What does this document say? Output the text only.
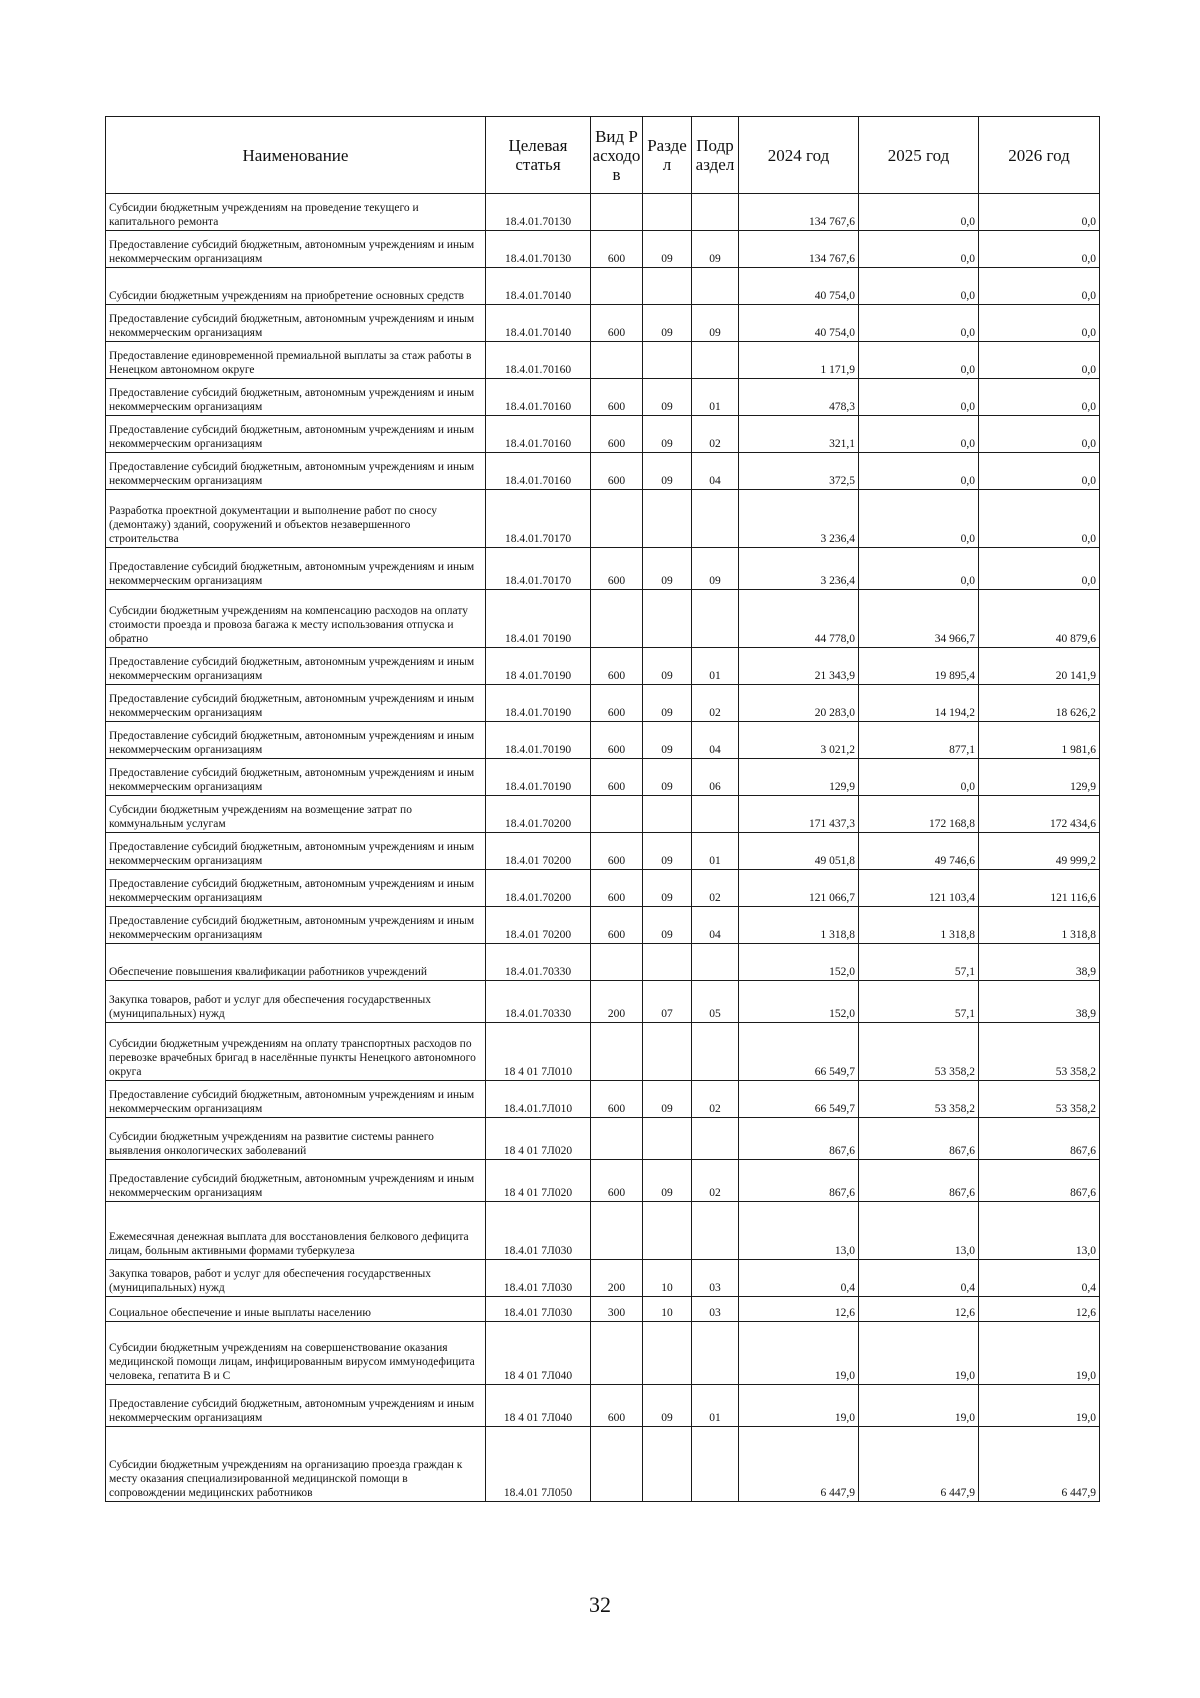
Наименование	Целевая статья	Вид Расходов	Раздел	Подраздел	2024 год	2025 год	2026 год
Субсидии бюджетным учреждениям на проведение текущего и капитального ремонта	18.4.01.70130				134 767,6	0,0	0,0
Предоставление субсидий бюджетным, автономным учреждениям и иным некоммерческим организациям	18.4.01.70130	600	09	09	134 767,6	0,0	0,0
Субсидии бюджетным учреждениям на приобретение основных средств	18.4.01.70140				40 754,0	0,0	0,0
Предоставление субсидий бюджетным, автономным учреждениям и иным некоммерческим организациям	18.4.01.70140	600	09	09	40 754,0	0,0	0,0
Предоставление единовременной премиальной выплаты за стаж работы в Ненецком автономном округе	18.4.01.70160				1 171,9	0,0	0,0
Предоставление субсидий бюджетным, автономным учреждениям и иным некоммерческим организациям	18.4.01.70160	600	09	01	478,3	0,0	0,0
Предоставление субсидий бюджетным, автономным учреждениям и иным некоммерческим организациям	18.4.01.70160	600	09	02	321,1	0,0	0,0
Предоставление субсидий бюджетным, автономным учреждениям и иным некоммерческим организациям	18.4.01.70160	600	09	04	372,5	0,0	0,0
Разработка проектной документации и выполнение работ по сносу (демонтажу) зданий, сооружений и объектов незавершенного строительства	18.4.01.70170				3 236,4	0,0	0,0
Предоставление субсидий бюджетным, автономным учреждениям и иным некоммерческим организациям	18.4.01.70170	600	09	09	3 236,4	0,0	0,0
Субсидии бюджетным учреждениям на компенсацию расходов на оплату стоимости проезда и провоза багажа к месту использования отпуска и обратно	18.4.01 70190				44 778,0	34 966,7	40 879,6
Предоставление субсидий бюджетным, автономным учреждениям и иным некоммерческим организациям	18 4.01.70190	600	09	01	21 343,9	19 895,4	20 141,9
Предоставление субсидий бюджетным, автономным учреждениям и иным некоммерческим организациям	18.4.01.70190	600	09	02	20 283,0	14 194,2	18 626,2
Предоставление субсидий бюджетным, автономным учреждениям и иным некоммерческим организациям	18.4.01.70190	600	09	04	3 021,2	877,1	1 981,6
Предоставление субсидий бюджетным, автономным учреждениям и иным некоммерческим организациям	18.4.01.70190	600	09	06	129,9	0,0	129,9
Субсидии бюджетным учреждениям на возмещение затрат по коммунальным услугам	18.4.01.70200				171 437,3	172 168,8	172 434,6
Предоставление субсидий бюджетным, автономным учреждениям и иным некоммерческим организациям	18.4.01 70200	600	09	01	49 051,8	49 746,6	49 999,2
Предоставление субсидий бюджетным, автономным учреждениям и иным некоммерческим организациям	18.4.01.70200	600	09	02	121 066,7	121 103,4	121 116,6
Предоставление субсидий бюджетным, автономным учреждениям и иным некоммерческим организациям	18.4.01 70200	600	09	04	1 318,8	1 318,8	1 318,8
Обеспечение повышения квалификации работников учреждений	18.4.01.70330				152,0	57,1	38,9
Закупка товаров, работ и услуг для обеспечения государственных (муниципальных) нужд	18.4.01.70330	200	07	05	152,0	57,1	38,9
Субсидии бюджетным учреждениям на оплату транспортных расходов по перевозке врачебных бригад в населённые пункты Ненецкого автономного округа	18 4 01 7Л010				66 549,7	53 358,2	53 358,2
Предоставление субсидий бюджетным, автономным учреждениям и иным некоммерческим организациям	18.4.01.7Л010	600	09	02	66 549,7	53 358,2	53 358,2
Субсидии бюджетным учреждениям на развитие системы раннего выявления онкологических заболеваний	18 4 01 7Л020				867,6	867,6	867,6
Предоставление субсидий бюджетным, автономным учреждениям и иным некоммерческим организациям	18 4 01 7Л020	600	09	02	867,6	867,6	867,6
Ежемесячная денежная выплата для восстановления белкового дефицита лицам, больным активными формами туберкулеза	18.4.01 7Л030				13,0	13,0	13,0
Закупка товаров, работ и услуг для обеспечения государственных (муниципальных) нужд	18.4.01 7Л030	200	10	03	0,4	0,4	0,4
Социальное обеспечение и иные выплаты населению	18.4.01 7Л030	300	10	03	12,6	12,6	12,6
Субсидии бюджетным учреждениям на совершенствование оказания медицинской помощи лицам, инфицированным вирусом иммунодефицита человека, гепатита В и С	18 4 01 7Л040				19,0	19,0	19,0
Предоставление субсидий бюджетным, автономным учреждениям и иным некоммерческим организациям	18 4 01 7Л040	600	09	01	19,0	19,0	19,0
Субсидии бюджетным учреждениям на организацию проезда граждан к месту оказания специализированной медицинской помощи в сопровождении медицинских работников	18.4.01 7Л050				6 447,9	6 447,9	6 447,9
32
